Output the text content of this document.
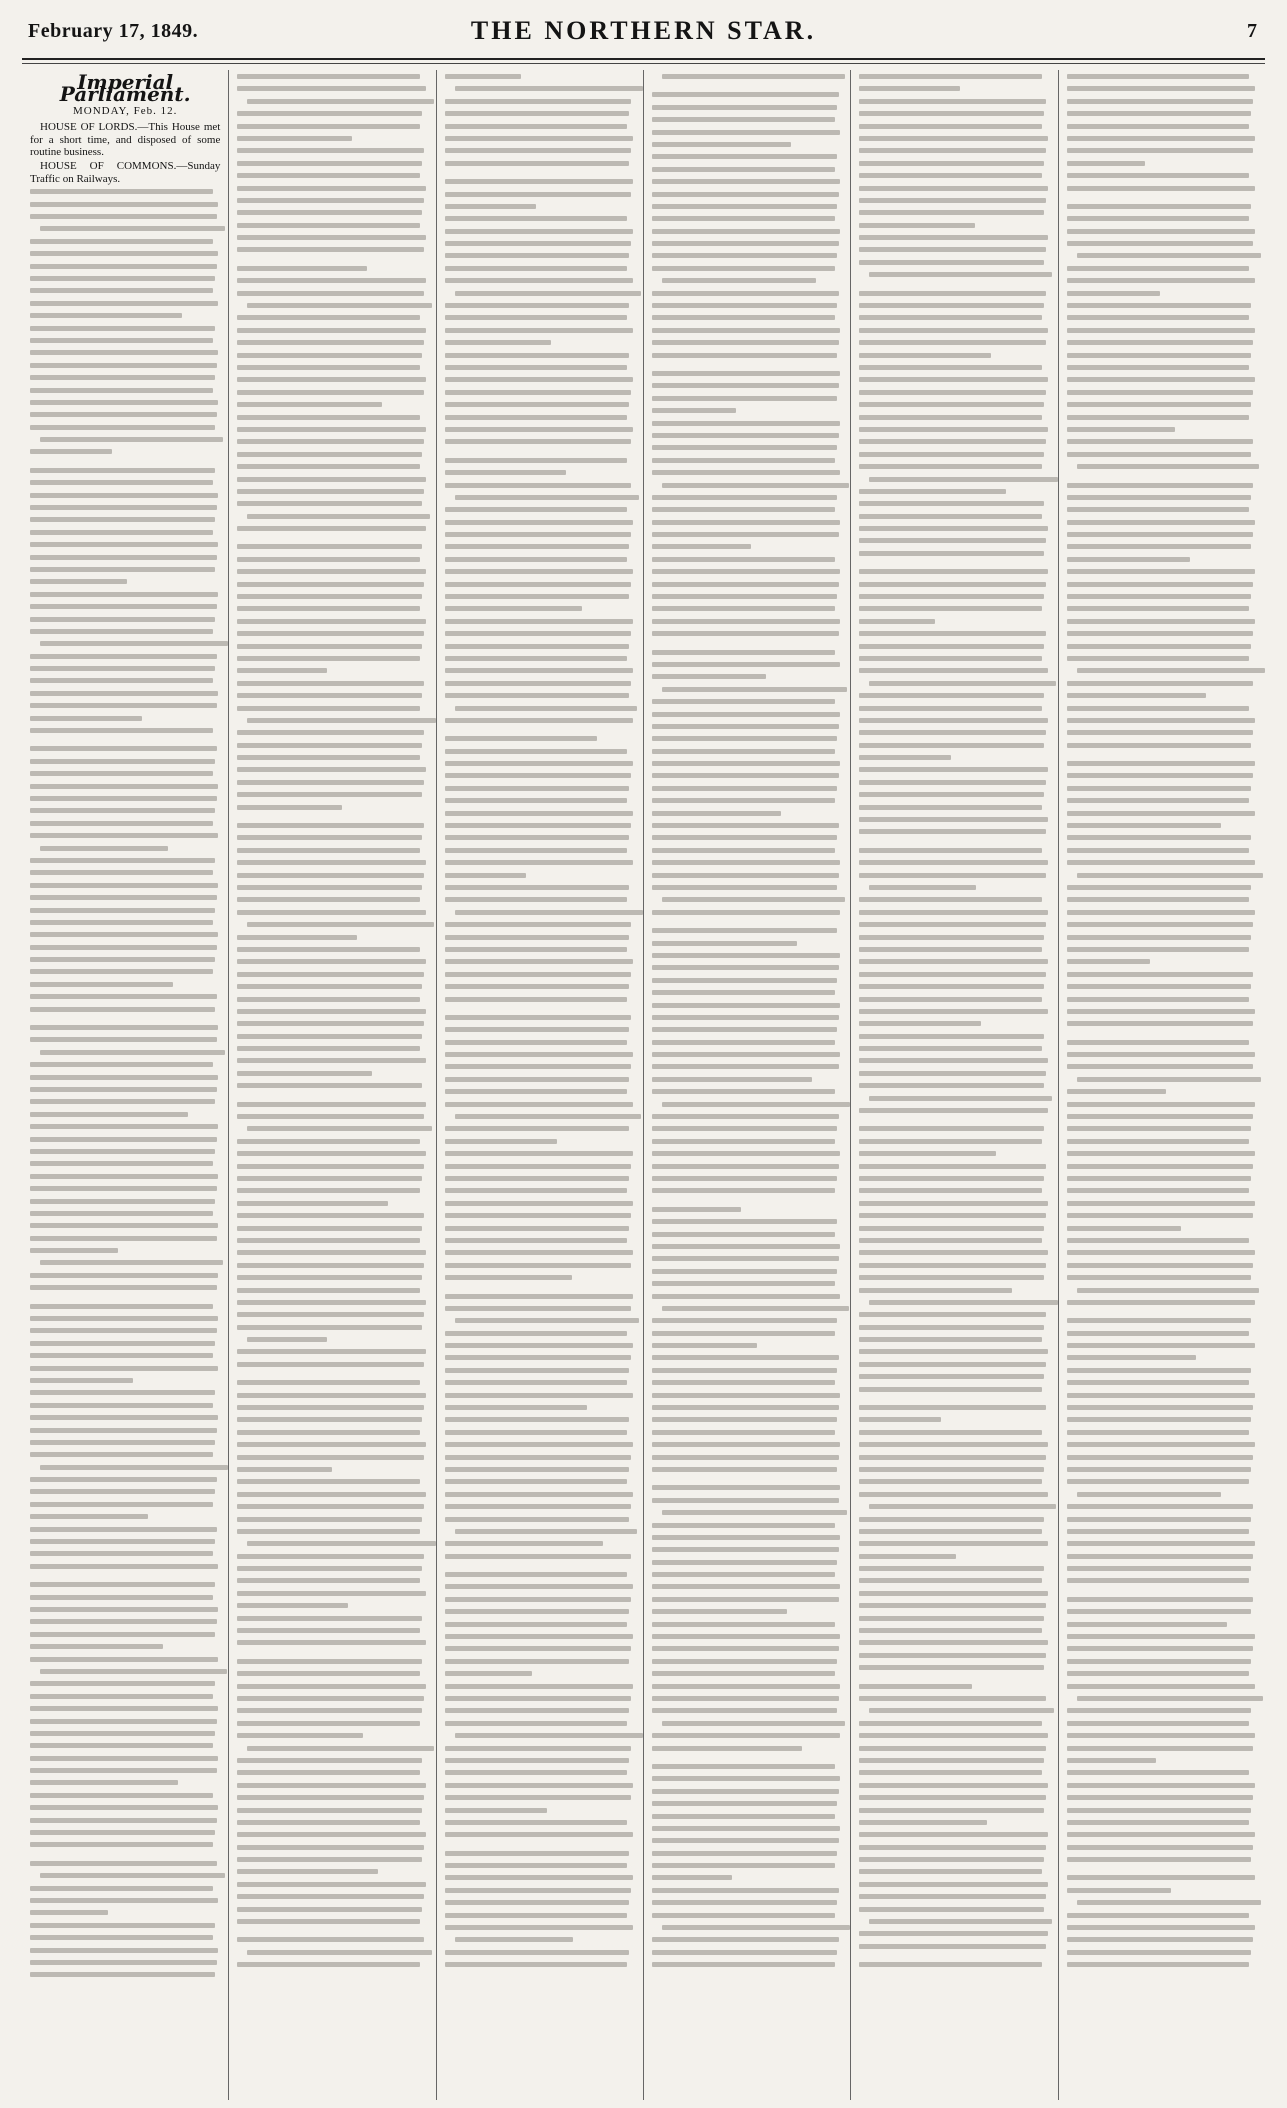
February 17, 1849.	THE NORTHERN STAR.	7
Imperial Parliament.
MONDAY, Feb. 12.
HOUSE OF LORDS.—This House met for a short time, and disposed of some routine business.
HOUSE OF COMMONS.—Sunday Traffic on Railways.
